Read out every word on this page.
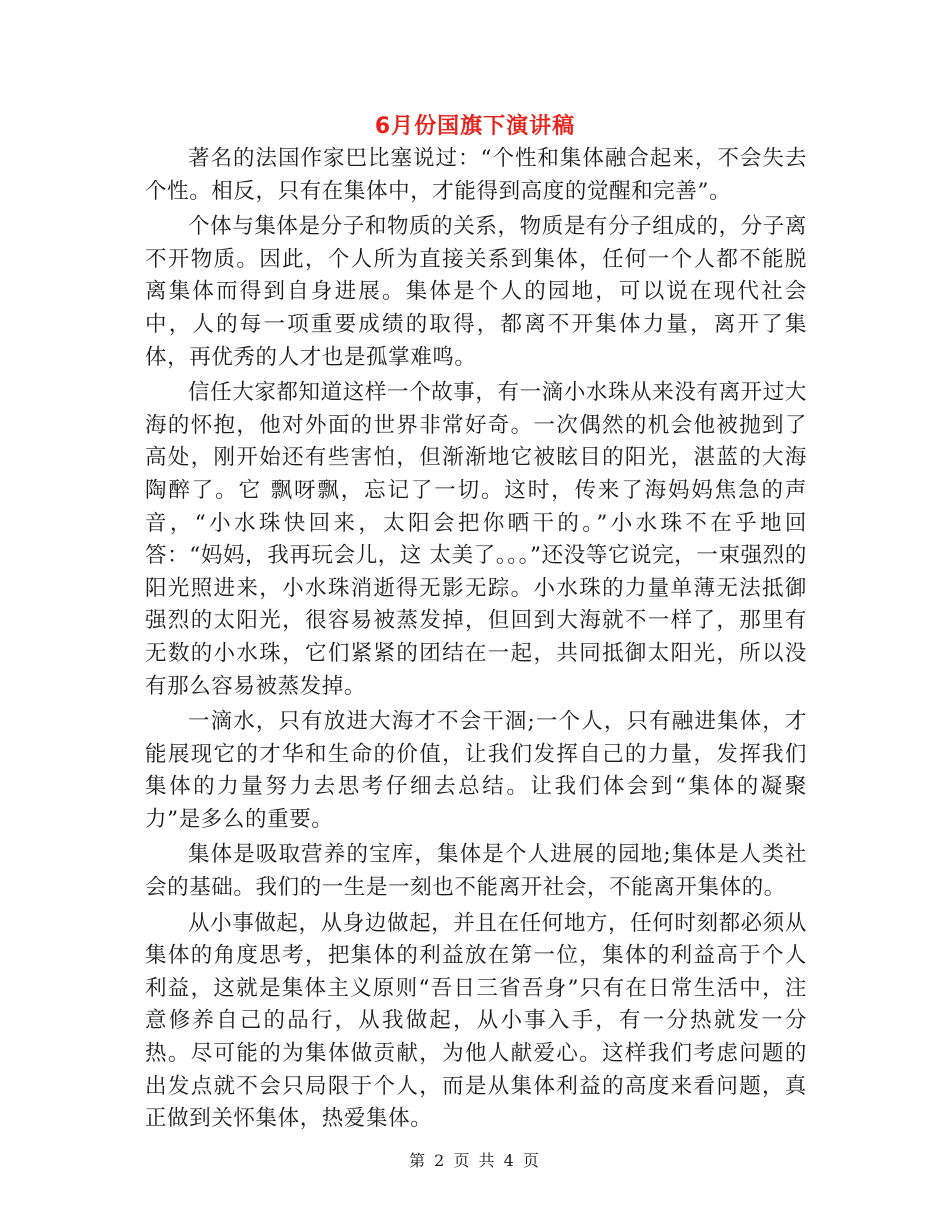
6月份国旗下演讲稿

著名的法国作家巴比塞说过：“个性和集体融合起来，不会失去个性。相反，只有在集体中，才能得到高度的觉醒和完善”。

个体与集体是分子和物质的关系，物质是有分子组成的，分子离不开物质。因此，个人所为直接关系到集体，任何一个人都不能脱离集体而得到自身进展。集体是个人的园地，可以说在现代社会中，人的每一项重要成绩的取得，都离不开集体力量，离开了集体，再优秀的人才也是孤掌难鸣。

信任大家都知道这样一个故事，有一滴小水珠从来没有离开过大海的怀抱，他对外面的世界非常好奇。一次偶然的机会他被抛到了高处，刚开始还有些害怕，但渐渐地它被眩目的阳光，湛蓝的大海陶醉了。它 飘呀飘，忘记了一切。这时，传来了海妈妈焦急的声音，“小水珠快回来，太阳会把你晒干的。”小水珠不在乎地回答：“妈妈，我再玩会儿，这 太美了。。。”还没等它说完，一束强烈的阳光照进来，小水珠消逝得无影无踪。小水珠的力量单薄无法抵御强烈的太阳光，很容易被蒸发掉，但回到大海就不一样了，那里有无数的小水珠，它们紧紧的团结在一起，共同抵御太阳光，所以没有那么容易被蒸发掉。

一滴水，只有放进大海才不会干涸;一个人，只有融进集体，才能展现它的才华和生命的价值，让我们发挥自己的力量，发挥我们集体的力量努力去思考仔细去总结。让我们体会到“集体的凝聚力”是多么的重要。

集体是吸取营养的宝库，集体是个人进展的园地;集体是人类社会的基础。我们的一生是一刻也不能离开社会，不能离开集体的。

从小事做起，从身边做起，并且在任何地方，任何时刻都必须从集体的角度思考，把集体的利益放在第一位，集体的利益高于个人利益，这就是集体主义原则“吾日三省吾身”只有在日常生活中，注意修养自己的品行，从我做起，从小事入手，有一分热就发一分热。尽可能的为集体做贡献，为他人献爱心。这样我们考虑问题的出发点就不会只局限于个人，而是从集体利益的高度来看问题，真正做到关怀集体，热爱集体。

第 2 页 共 4 页
